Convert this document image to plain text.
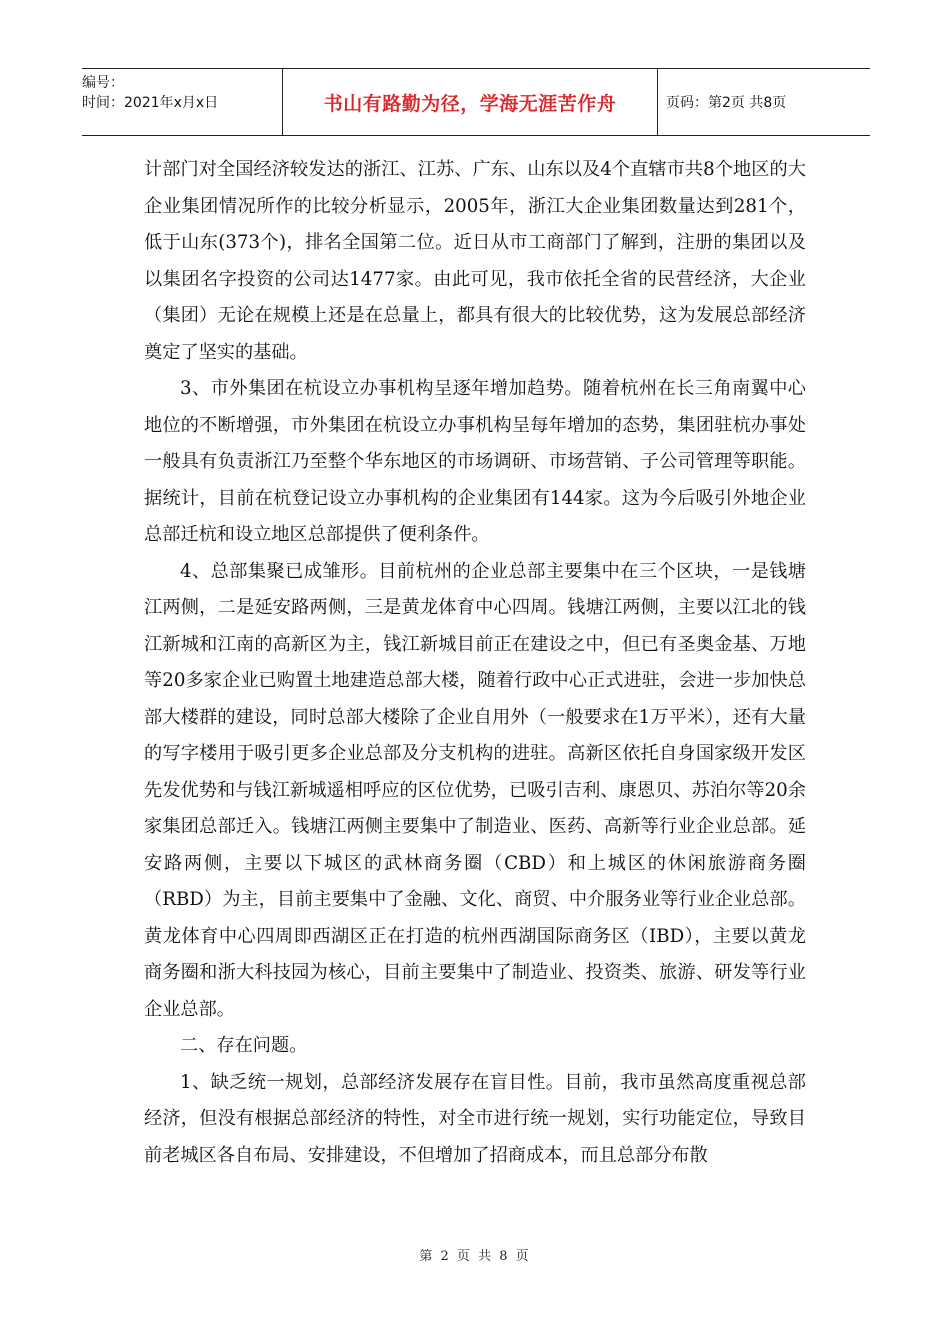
编号：
时间：2021年x月x日	书山有路勤为径，学海无涯苦作舟	页码：第2页 共8页

计部门对全国经济较发达的浙江、江苏、广东、山东以及4个直辖市共8个地区的大企业集团情况所作的比较分析显示，2005年，浙江大企业集团数量达到281个，低于山东(373个)，排名全国第二位。近日从市工商部门了解到，注册的集团以及以集团名字投资的公司达1477家。由此可见，我市依托全省的民营经济，大企业（集团）无论在规模上还是在总量上，都具有很大的比较优势，这为发展总部经济奠定了坚实的基础。

3、市外集团在杭设立办事机构呈逐年增加趋势。随着杭州在长三角南翼中心地位的不断增强，市外集团在杭设立办事机构呈每年增加的态势，集团驻杭办事处一般具有负责浙江乃至整个华东地区的市场调研、市场营销、子公司管理等职能。据统计，目前在杭登记设立办事机构的企业集团有144家。这为今后吸引外地企业总部迁杭和设立地区总部提供了便利条件。

4、总部集聚已成雏形。目前杭州的企业总部主要集中在三个区块，一是钱塘江两侧，二是延安路两侧，三是黄龙体育中心四周。钱塘江两侧，主要以江北的钱江新城和江南的高新区为主，钱江新城目前正在建设之中，但已有圣奥金基、万地等20多家企业已购置土地建造总部大楼，随着行政中心正式进驻，会进一步加快总部大楼群的建设，同时总部大楼除了企业自用外（一般要求在1万平米），还有大量的写字楼用于吸引更多企业总部及分支机构的进驻。高新区依托自身国家级开发区先发优势和与钱江新城遥相呼应的区位优势，已吸引吉利、康恩贝、苏泊尔等20余家集团总部迁入。钱塘江两侧主要集中了制造业、医药、高新等行业企业总部。延安路两侧，主要以下城区的武林商务圈（CBD）和上城区的休闲旅游商务圈（RBD）为主，目前主要集中了金融、文化、商贸、中介服务业等行业企业总部。黄龙体育中心四周即西湖区正在打造的杭州西湖国际商务区（IBD），主要以黄龙商务圈和浙大科技园为核心，目前主要集中了制造业、投资类、旅游、研发等行业企业总部。

二、存在问题。

1、缺乏统一规划，总部经济发展存在盲目性。目前，我市虽然高度重视总部经济，但没有根据总部经济的特性，对全市进行统一规划，实行功能定位，导致目前老城区各自布局、安排建设，不但增加了招商成本，而且总部分布散

第 2 页 共 8 页
